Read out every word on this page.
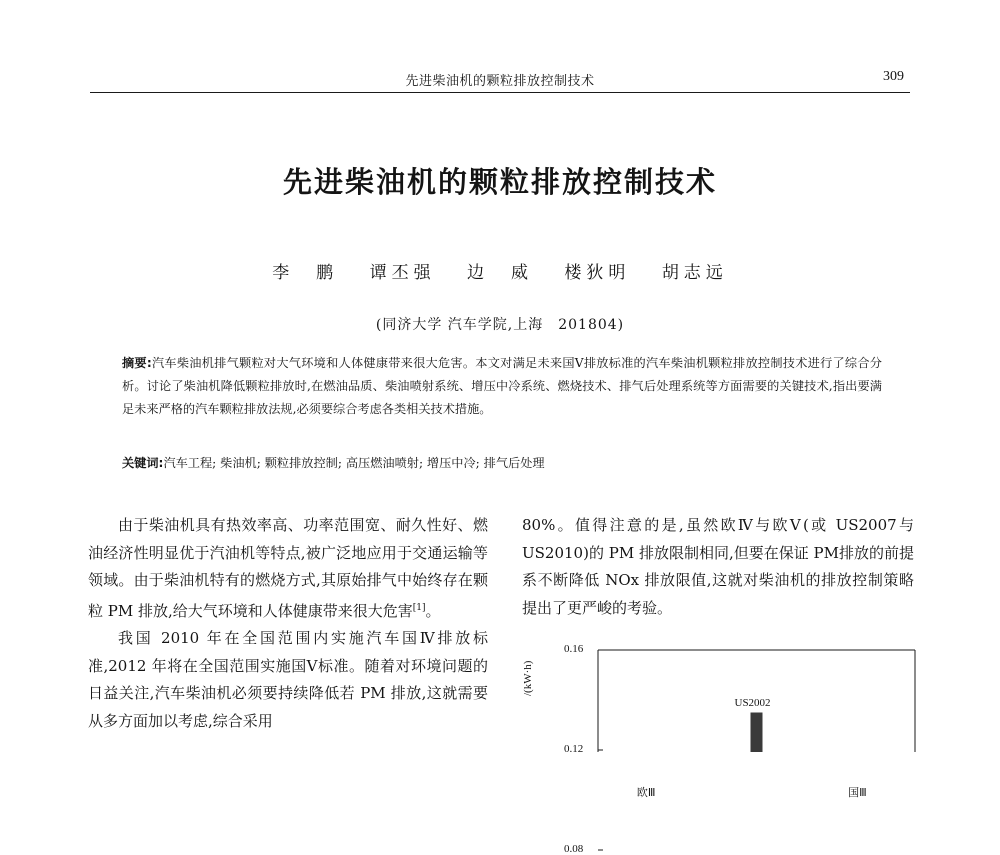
先进柴油机的颗粒排放控制技术	309
先进柴油机的颗粒排放控制技术
李　鹏 谭丕强 边　威 楼狄明 胡志远
(同济大学 汽车学院,上海　201804)
摘要:汽车柴油机排气颗粒对大气环境和人体健康带来很大危害。本文对满足未来国Ⅴ排放标准的汽车柴油机颗粒排放控制技术进行了综合分析。讨论了柴油机降低颗粒排放时,在燃油品质、柴油喷射系统、增压中冷系统、燃烧技术、排气后处理系统等方面需要的关键技术,指出要满足未来严格的汽车颗粒排放法规,必须要综合考虑各类相关技术措施。
关键词:汽车工程; 柴油机; 颗粒排放控制; 高压燃油喷射; 增压中冷; 排气后处理

由于柴油机具有热效率高、功率范围宽、耐久性好、燃油经济性明显优于汽油机等特点,被广泛地应用于交通运输等领域。由于柴油机特有的燃烧方式,其原始排气中始终存在颗粒 PM 排放,给大气环境和人体健康带来很大危害[1]。

我国 2010 年在全国范围内实施汽车国Ⅳ排放标准,2012 年将在全国范围实施国Ⅴ标准。随着对环境问题的日益关注,汽车柴油机必须要持续降低若 PM 排放,这就需要从多方面加以考虑,综合采用

80%。值得注意的是,虽然欧Ⅳ与欧Ⅴ(或 US2007与 US2010)的 PM 排放限制相同,但要在保证 PM排放的前提系不断降低 NOx 排放限值,这就对柴油机的排放控制策略提出了更严峻的考验。

/(kW·h)
0.16
0.12
0.08
欧Ⅲ
US2002
国Ⅲ
